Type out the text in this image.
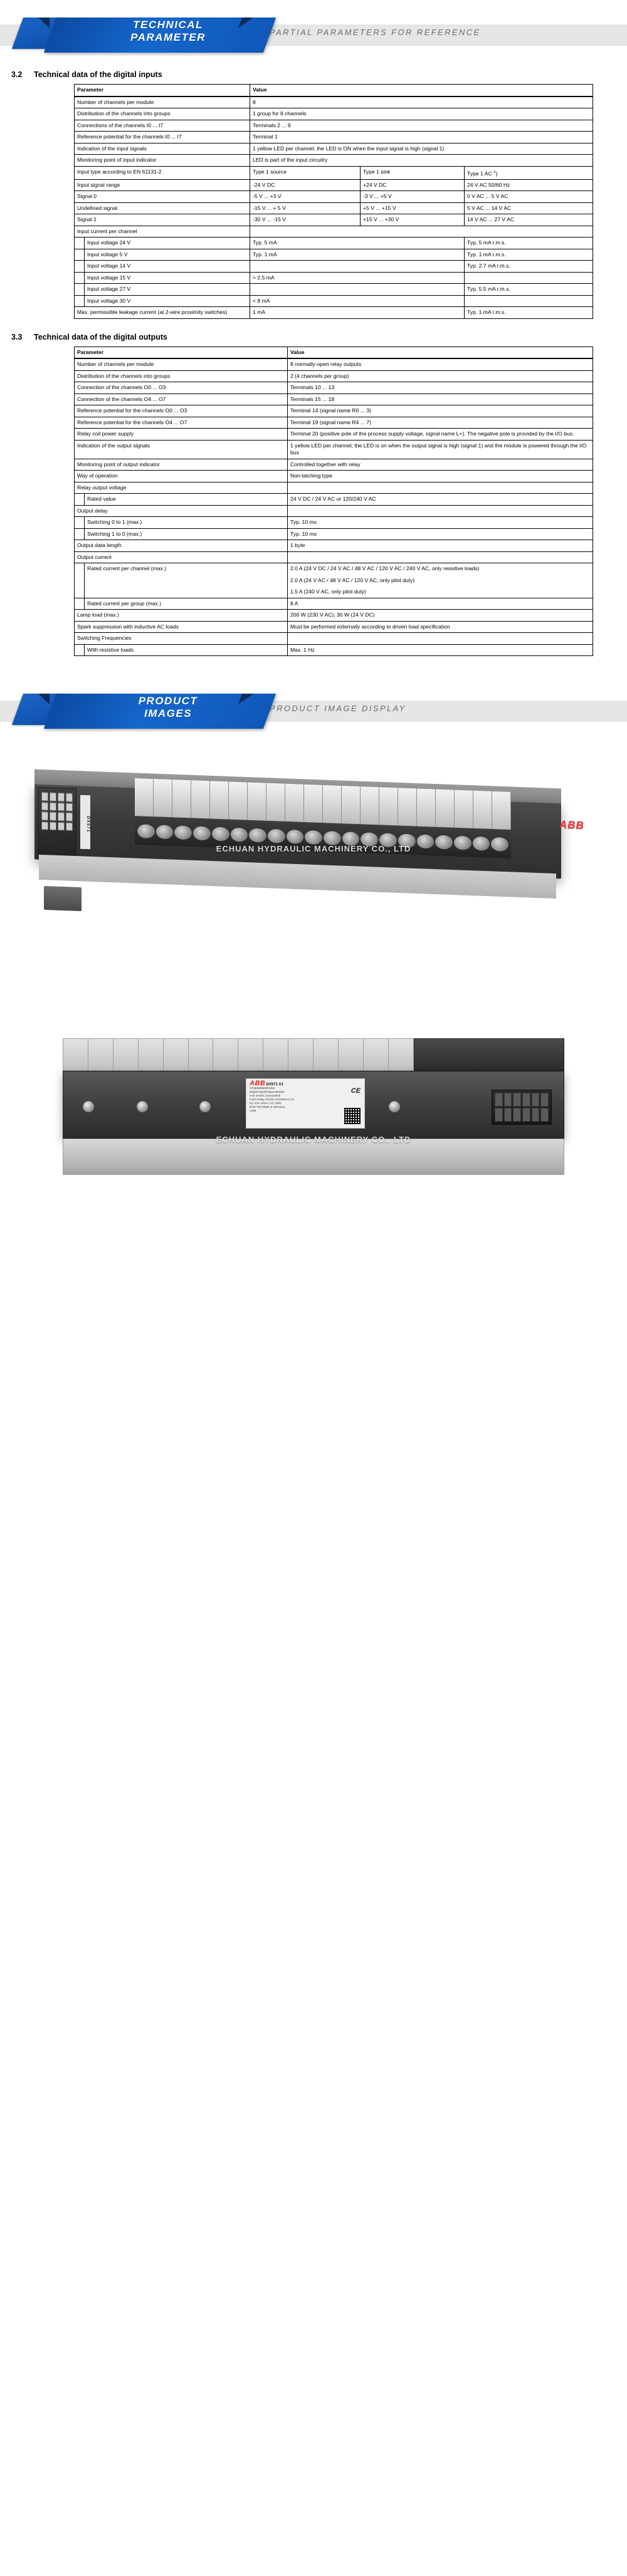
TECHNICAL
PARAMETER	PARTIAL PARAMETERS FOR REFERENCE
3.2 Technical data of the digital inputs
Parameter		Value		

Number of channels per module		8		

Distribution of the channels into groups		1 group for 8 channels		

Connections of the channels I0 ... I7		Terminals 2 ... 9		

Reference potential for the channels I0 ... I7		Terminal 1		

Indication of the input signals		1 yellow LED per channel; the LED is ON when the input signal is high (signal 1)		

Monitoring point of input indicator		LED is part of the input circuitry		

Input type according to EN 61131-2		Type 1 source	Type 1 sink	Type 1 AC $^1$)

Input signal range		-24 V DC	+24 V DC	24 V AC 50/60 Hz

Signal 0		-5 V ... +3 V	-3 V ... +5 V	0 V AC ... 5 V AC

Undefined signal		-15 V ... + 5 V	+5 V ... +15 V	5 V AC ... 14 V AC

Signal 1		-30 V ... -15 V	+15 V ... +30 V	14 V AC ... 27 V AC

Input current per channel				

	Input voltage 24 V	Typ. 5 mA		Typ. 5 mA r.m.s.

	Input voltage 5 V	Typ. 1 mA		Typ. 1 mA r.m.s.

	Input voltage 14 V			Typ. 2.7 mA r.m.s.

	Input voltage 15 V	> 2.5 mA		

	Input voltage 27 V			Typ. 5.5 mA r.m.s.

	Input voltage 30 V	< 8 mA		

Max. permissible leakage current (at 2-wire proximity switches)		1 mA		Typ. 1 mA r.m.s.
3.3 Technical data of the digital outputs
Parameter		Value

Number of channels per module		8 normally-open relay outputs

Distribution of the channels into groups		2 (4 channels per group)

Connection of the channels O0 ... O3		Terminals 10 ... 13

Connection of the channels O4 ... O7		Terminals 15 ... 18

Reference potential for the channels O0 ... O3		Terminal 14 (signal name R0 ... 3)

Reference potential for the channels O4 ... O7		Terminal 19 (signal name R4 ... 7)

Relay coil power supply		Terminal 20 (positive pole of the process supply voltage, signal name L+). The negative pole is provided by the I/O bus.

Indication of the output signals		1 yellow LED per channel; the LED is on when the output signal is high (signal 1) and the module is powered through the I/O bus

Monitoring point of output indicator		Controlled together with relay

Way of operation		Non-latching type

Relay output voltage		

	Rated value	24 V DC / 24 V AC or 120/240 V AC

Output delay		

	Switching 0 to 1 (max.)	Typ. 10 ms

	Switching 1 to 0 (max.)	Typ. 10 ms

Output data length		1 byte

Output current		

	Rated current per channel (max.)	2.0 A (24 V DC / 24 V AC / 48 V AC / 120 V AC / 240 V AC, only resistive loads)
2.0 A (24 V AC / 48 V AC / 120 V AC, only pilot duty)
1.5 A (240 V AC, only pilot duty)

	Rated current per group (max.)	8 A

Lamp load (max.)		200 W (230 V AC), 30 W (24 V DC)

Spark suppression with inductive AC loads		Must be performed externally according to driven load specification

Switching Frequencies		

	With resistive loads	Max. 1 Hz
PRODUCT
IMAGES	PRODUCT IMAGE DISPLAY
DX571	ABB
ECHUAN HYDRAULIC MACHINERY CO., LTD
ABB DX571 A1
1TNE968902R2301
Digital Input/Output Module
8 DI 24VDC source/sink
8 DO Relay 24VDC 2A/230VAC 2A
DC 24V 10mA / AC 230V
IP20 T40 Made in Germany
1409
CE
ECHUAN HYDRAULIC MACHINERY CO., LTD
